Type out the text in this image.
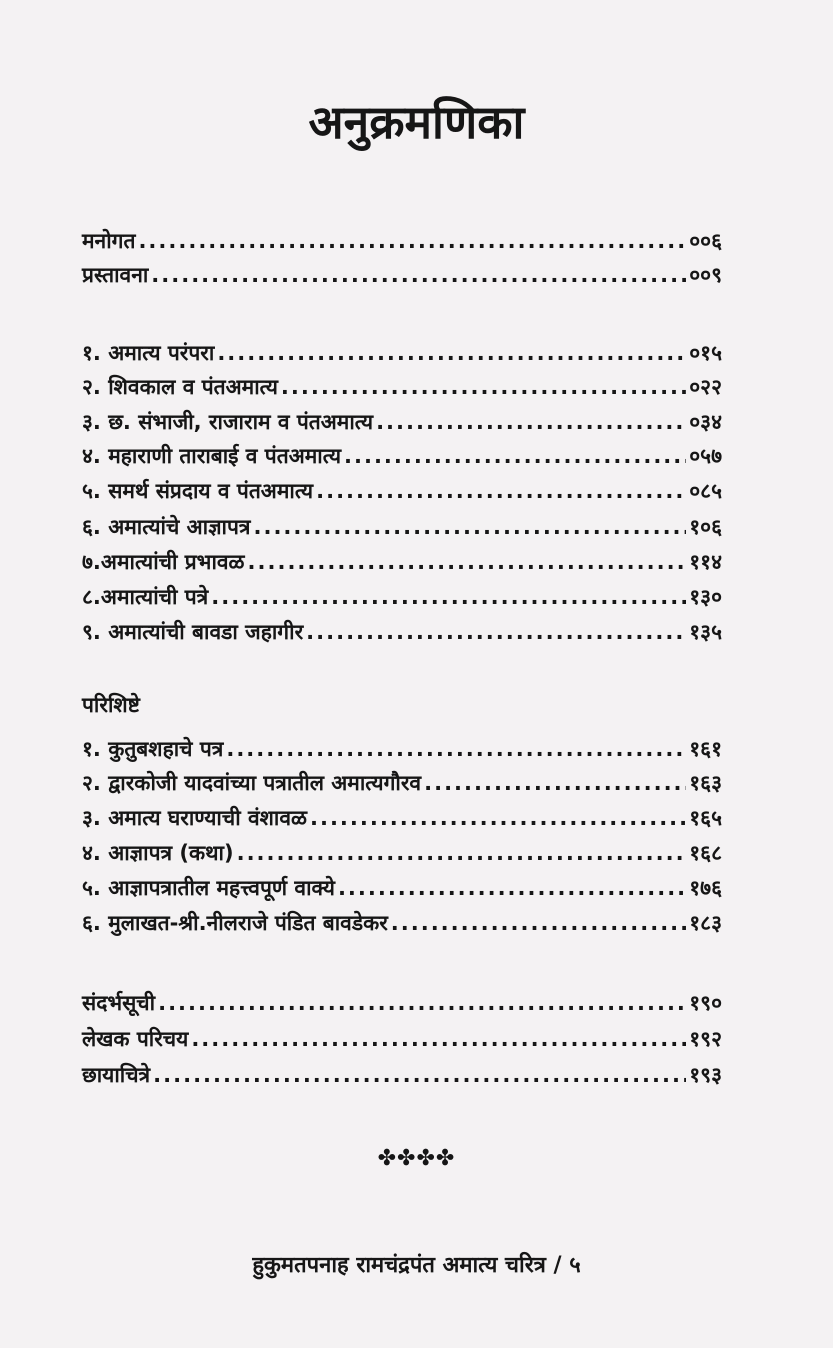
अनुक्रमणिका
मनोगत .....	००६
प्रस्तावना .....	००९
१. अमात्य परंपरा .....	०१५
२. शिवकाल व पंतअमात्य .....	०२२
३. छ. संभाजी, राजाराम व पंतअमात्य .....	०३४
४. महाराणी ताराबाई व पंतअमात्य .....	०५७
५. समर्थ संप्रदाय व पंतअमात्य .....	०८५
६. अमात्यांचे आज्ञापत्र .....	१०६
७.अमात्यांची प्रभावळ .....	११४
८.अमात्यांची पत्रे .....	१३०
९. अमात्यांची बावडा जहागीर .....	१३५
परिशिष्टे
१. कुतुबशहाचे पत्र .....	१६१
२. द्वारकोजी यादवांच्या पत्रातील अमात्यगौरव .....	१६३
३. अमात्य घराण्याची वंशावळ .....	१६५
४. आज्ञापत्र (कथा) .....	१६८
५. आज्ञापत्रातील महत्त्वपूर्ण वाक्ये .....	१७६
६. मुलाखत-श्री.नीलराजे पंडित बावडेकर .....	१८३
संदर्भसूची .....	१९०
लेखक परिचय .....	१९२
छायाचित्रे .....	१९३
✤✤✤✤
हुकुमतपनाह रामचंद्रपंत अमात्य चरित्र / ५
